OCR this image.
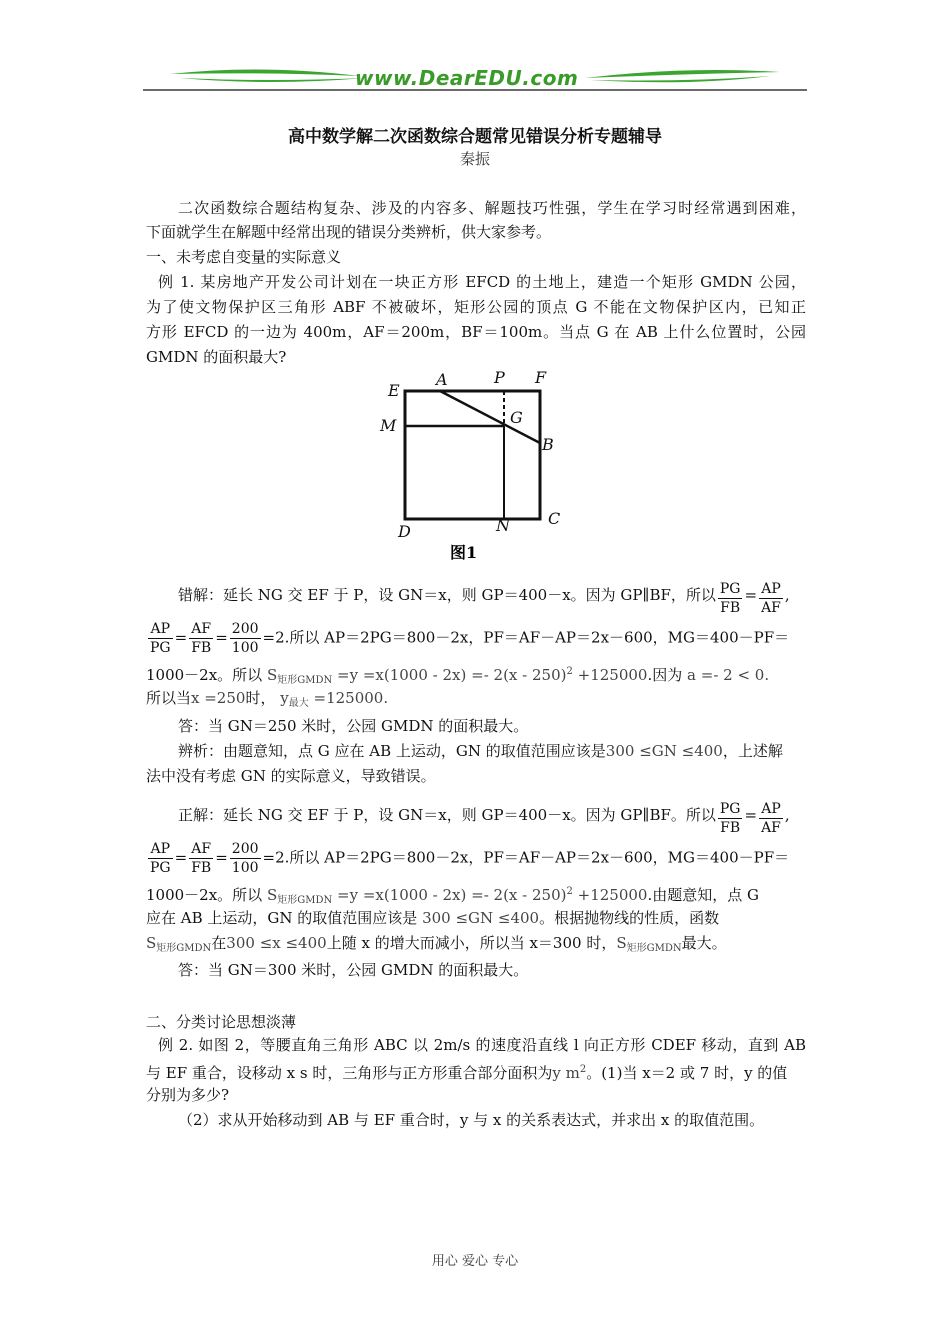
www.DearEDU.com
高中数学解二次函数综合题常见错误分析专题辅导
秦振
二次函数综合题结构复杂、涉及的内容多、解题技巧性强，学生在学习时经常遇到困难，
下面就学生在解题中经常出现的错误分类辨析，供大家参考。
一、未考虑自变量的实际意义
例 1. 某房地产开发公司计划在一块正方形 EFCD 的土地上，建造一个矩形 GMDN 公园，
为了使文物保护区三角形 ABF 不被破坏，矩形公园的顶点 G 不能在文物保护区内，已知正
方形 EFCD 的一边为 400m，AF＝200m，BF＝100m。当点 G 在 AB 上什么位置时，公园
GMDN 的面积最大?
E
A	P F
M	G
B
D	N C
图1
错解：延长 NG 交 EF 于 P，设 GN＝x，则 GP＝400－x。因为 GP∥BF，所以 $\frac{PG}{FB} = \frac{AP}{AF}$ ,
$\frac{AP}{PG} = \frac{AF}{FB} = \frac{200}{100} =2$.所以 AP＝2PG＝800－2x，PF＝AF－AP＝2x－600，MG＝400－PF＝
1000－2x。所以 $S_{矩形GMDN} =y =x(1000 - 2x) =- 2(x - 250)^2 +125000$.因为 a =- 2 < 0.
所以当x =250时， $y_{最大} =125000$.
答：当 GN＝250 米时，公园 GMDN 的面积最大。
辨析：由题意知，点 G 应在 AB 上运动，GN 的取值范围应该是300 ≤GN ≤400，上述解
法中没有考虑 GN 的实际意义，导致错误。
正解：延长 NG 交 EF 于 P，设 GN＝x，则 GP＝400－x。因为 GP∥BF。所以 $\frac{PG}{FB} = \frac{AP}{AF}$ ,
$\frac{AP}{PG} = \frac{AF}{FB} = \frac{200}{100} =2$.所以 AP＝2PG＝800－2x，PF＝AF－AP＝2x－600，MG＝400－PF＝
1000－2x。所以 $S_{矩形GMDN} =y =x(1000 - 2x) =- 2(x - 250)^2 +125000$.由题意知，点 G
应在 AB 上运动，GN 的取值范围应该是 300 ≤GN ≤400。根据抛物线的性质，函数
$S_{矩形GMDN}$在300 ≤x ≤400上随 x 的增大而减小，所以当 x＝300 时，$S_{矩形GMDN}$最大。
答：当 GN＝300 米时，公园 GMDN 的面积最大。
二、分类讨论思想淡薄
例 2. 如图 2，等腰直角三角形 ABC 以 2m/s 的速度沿直线 l 向正方形 CDEF 移动，直到 AB
与 EF 重合，设移动 x s 时，三角形与正方形重合部分面积为y $m^2$。(1)当 x＝2 或 7 时，y 的值
分别为多少?
（2）求从开始移动到 AB 与 EF 重合时，y 与 x 的关系表达式，并求出 x 的取值范围。
用心 爱心 专心
